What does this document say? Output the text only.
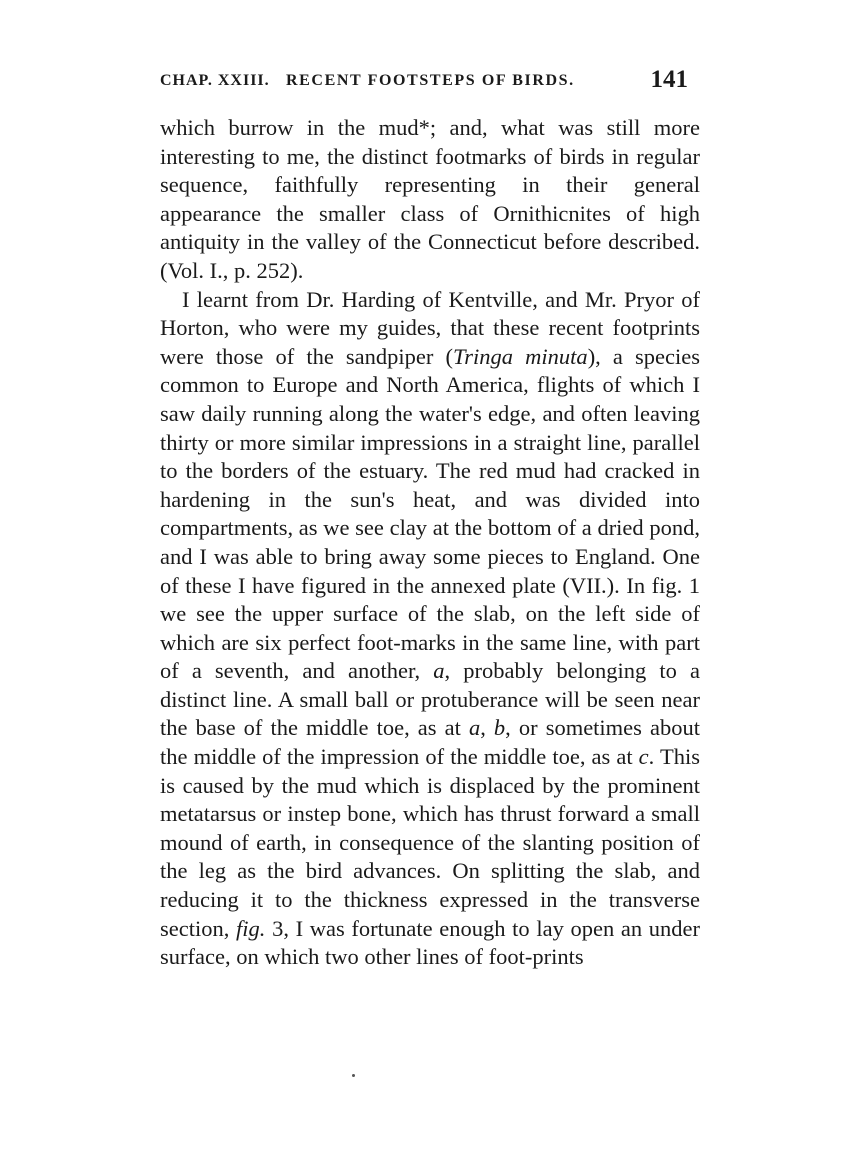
CHAP. XXIII. RECENT FOOTSTEPS OF BIRDS.	141

which burrow in the mud*; and, what was still more interesting to me, the distinct footmarks of birds in regular sequence, faithfully representing in their general appearance the smaller class of Ornithicnites of high antiquity in the valley of the Connecticut before described. (Vol. I., p. 252).

I learnt from Dr. Harding of Kentville, and Mr. Pryor of Horton, who were my guides, that these recent footprints were those of the sandpiper (Tringa minuta), a species common to Europe and North America, flights of which I saw daily running along the water's edge, and often leaving thirty or more similar impressions in a straight line, parallel to the borders of the estuary. The red mud had cracked in hardening in the sun's heat, and was divided into compartments, as we see clay at the bottom of a dried pond, and I was able to bring away some pieces to England. One of these I have figured in the annexed plate (VII.). In fig. 1 we see the upper surface of the slab, on the left side of which are six perfect foot-marks in the same line, with part of a seventh, and another, a, probably belonging to a distinct line. A small ball or protuberance will be seen near the base of the middle toe, as at a, b, or sometimes about the middle of the impression of the middle toe, as at c. This is caused by the mud which is displaced by the prominent metatarsus or instep bone, which has thrust forward a small mound of earth, in consequence of the slanting position of the leg as the bird advances. On splitting the slab, and reducing it to the thickness expressed in the transverse section, fig. 3, I was fortunate enough to lay open an under surface, on which two other lines of foot-prints
